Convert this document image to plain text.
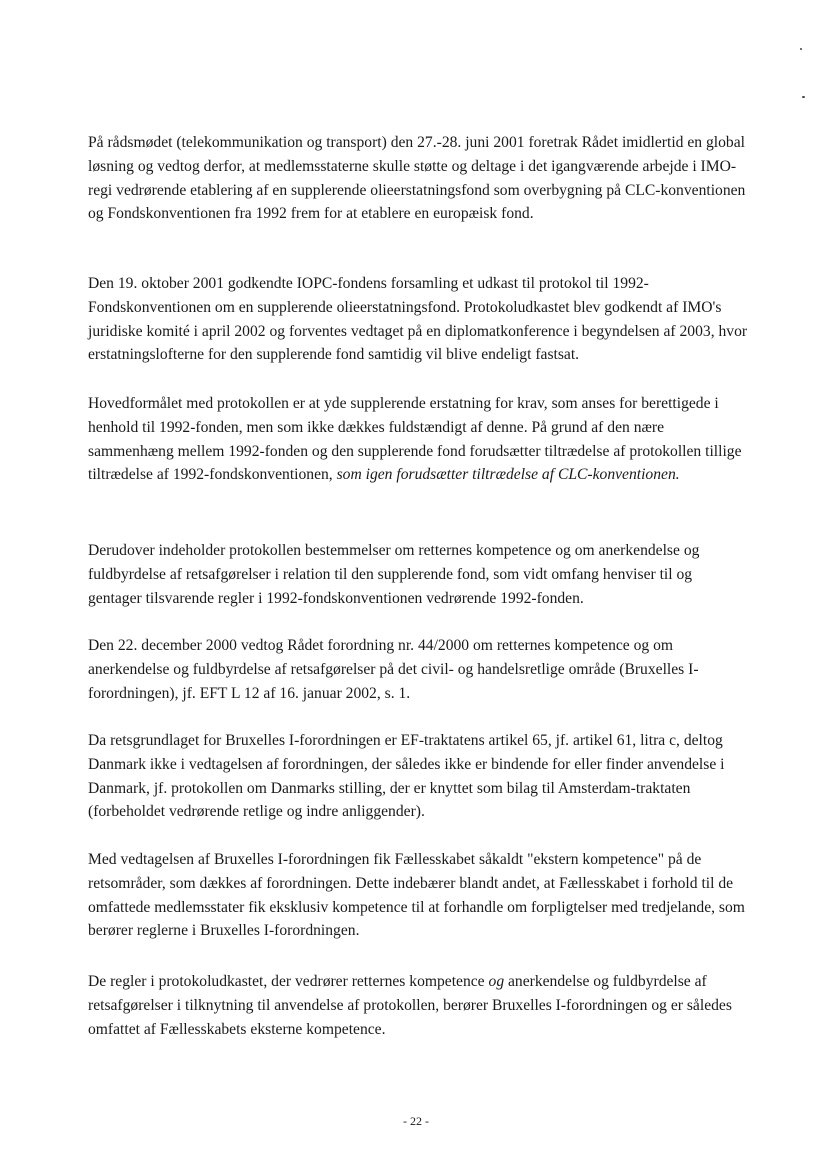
På rådsmødet (telekommunikation og transport) den 27.-28. juni 2001 foretrak Rådet imidlertid en global løsning og vedtog derfor, at medlemsstaterne skulle støtte og deltage i det igangværende arbejde i IMO-regi vedrørende etablering af en supplerende olieerstatningsfond som overbygning på CLC-konventionen og Fondskonventionen fra 1992 frem for at etablere en europæisk fond.

Den 19. oktober 2001 godkendte IOPC-fondens forsamling et udkast til protokol til 1992-Fondskonventionen om en supplerende olieerstatningsfond. Protokoludkastet blev godkendt af IMO's juridiske komité i april 2002 og forventes vedtaget på en diplomatkonference i begyndelsen af 2003, hvor erstatningslofterne for den supplerende fond samtidig vil blive endeligt fastsat.

Hovedformålet med protokollen er at yde supplerende erstatning for krav, som anses for berettigede i henhold til 1992-fonden, men som ikke dækkes fuldstændigt af denne. På grund af den nære sammenhæng mellem 1992-fonden og den supplerende fond forudsætter tiltrædelse af protokollen tillige tiltrædelse af 1992-fondskonventionen, som igen forudsætter tiltrædelse af CLC-konventionen.

Derudover indeholder protokollen bestemmelser om retternes kompetence og om anerkendelse og fuldbyrdelse af retsafgørelser i relation til den supplerende fond, som vidt omfang henviser til og gentager tilsvarende regler i 1992-fondskonventionen vedrørende 1992-fonden.

Den 22. december 2000 vedtog Rådet forordning nr. 44/2000 om retternes kompetence og om anerkendelse og fuldbyrdelse af retsafgørelser på det civil- og handelsretlige område (Bruxelles I-forordningen), jf. EFT L 12 af 16. januar 2002, s. 1.

Da retsgrundlaget for Bruxelles I-forordningen er EF-traktatens artikel 65, jf. artikel 61, litra c, deltog Danmark ikke i vedtagelsen af forordningen, der således ikke er bindende for eller finder anvendelse i Danmark, jf. protokollen om Danmarks stilling, der er knyttet som bilag til Amsterdam-traktaten (forbeholdet vedrørende retlige og indre anliggender).

Med vedtagelsen af Bruxelles I-forordningen fik Fællesskabet såkaldt "ekstern kompetence" på de retsområder, som dækkes af forordningen. Dette indebærer blandt andet, at Fællesskabet i forhold til de omfattede medlemsstater fik eksklusiv kompetence til at forhandle om forpligtelser med tredjelande, som berører reglerne i Bruxelles I-forordningen.

De regler i protokoludkastet, der vedrører retternes kompetence og anerkendelse og fuldbyrdelse af retsafgørelser i tilknytning til anvendelse af protokollen, berører Bruxelles I-forordningen og er således omfattet af Fællesskabets eksterne kompetence.

- 22 -
